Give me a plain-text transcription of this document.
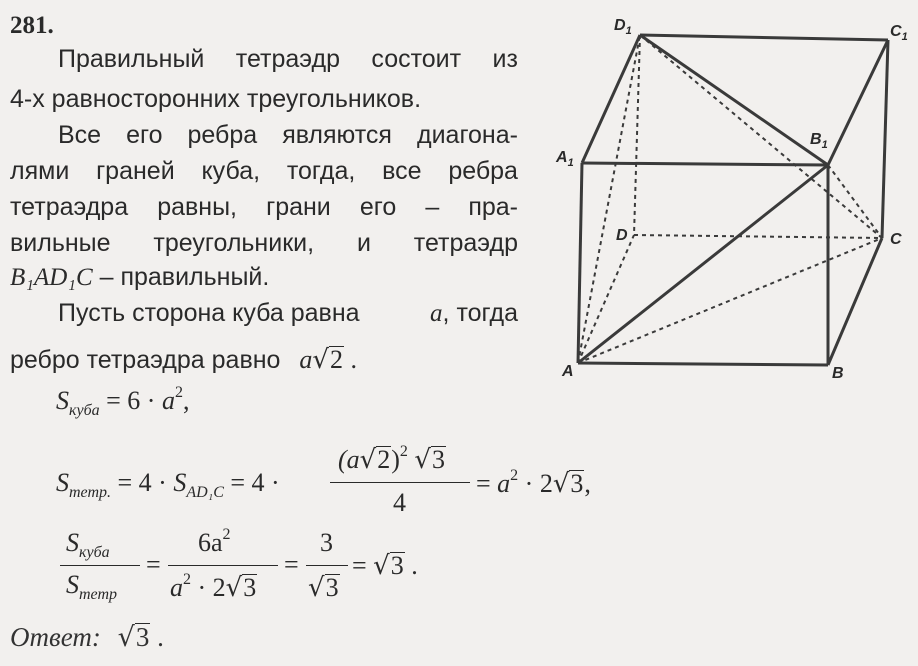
281.
Правильный тетраэдр состоит из
4-х равносторонних треугольников.
Все его ребра являются диагона-
лями граней куба, тогда, все ребра
тетраэдра равны, грани его – пра-
вильные треугольники, и тетраэдр
B₁AD₁C – правильный.
Пусть сторона куба равна	a, тогда
ребро тетраэдра равно a√2 .
$S_{куба} = 6 \cdot a^2$,
$S_{тетр.} = 4 \cdot S_{AD_1C} = 4$ ·
$(a√2)^2$ √3
4
= $a^2 \cdot 2√3$,
$S_{куба}$
$S_{тетр}$
=
$6a^2$
$a^2 \cdot 2√3$
=
3
√3
= √3 .
Ответ: √3 .
$D_1$	$C_1$
$A_1$
$B_1$
D	C
A	B
